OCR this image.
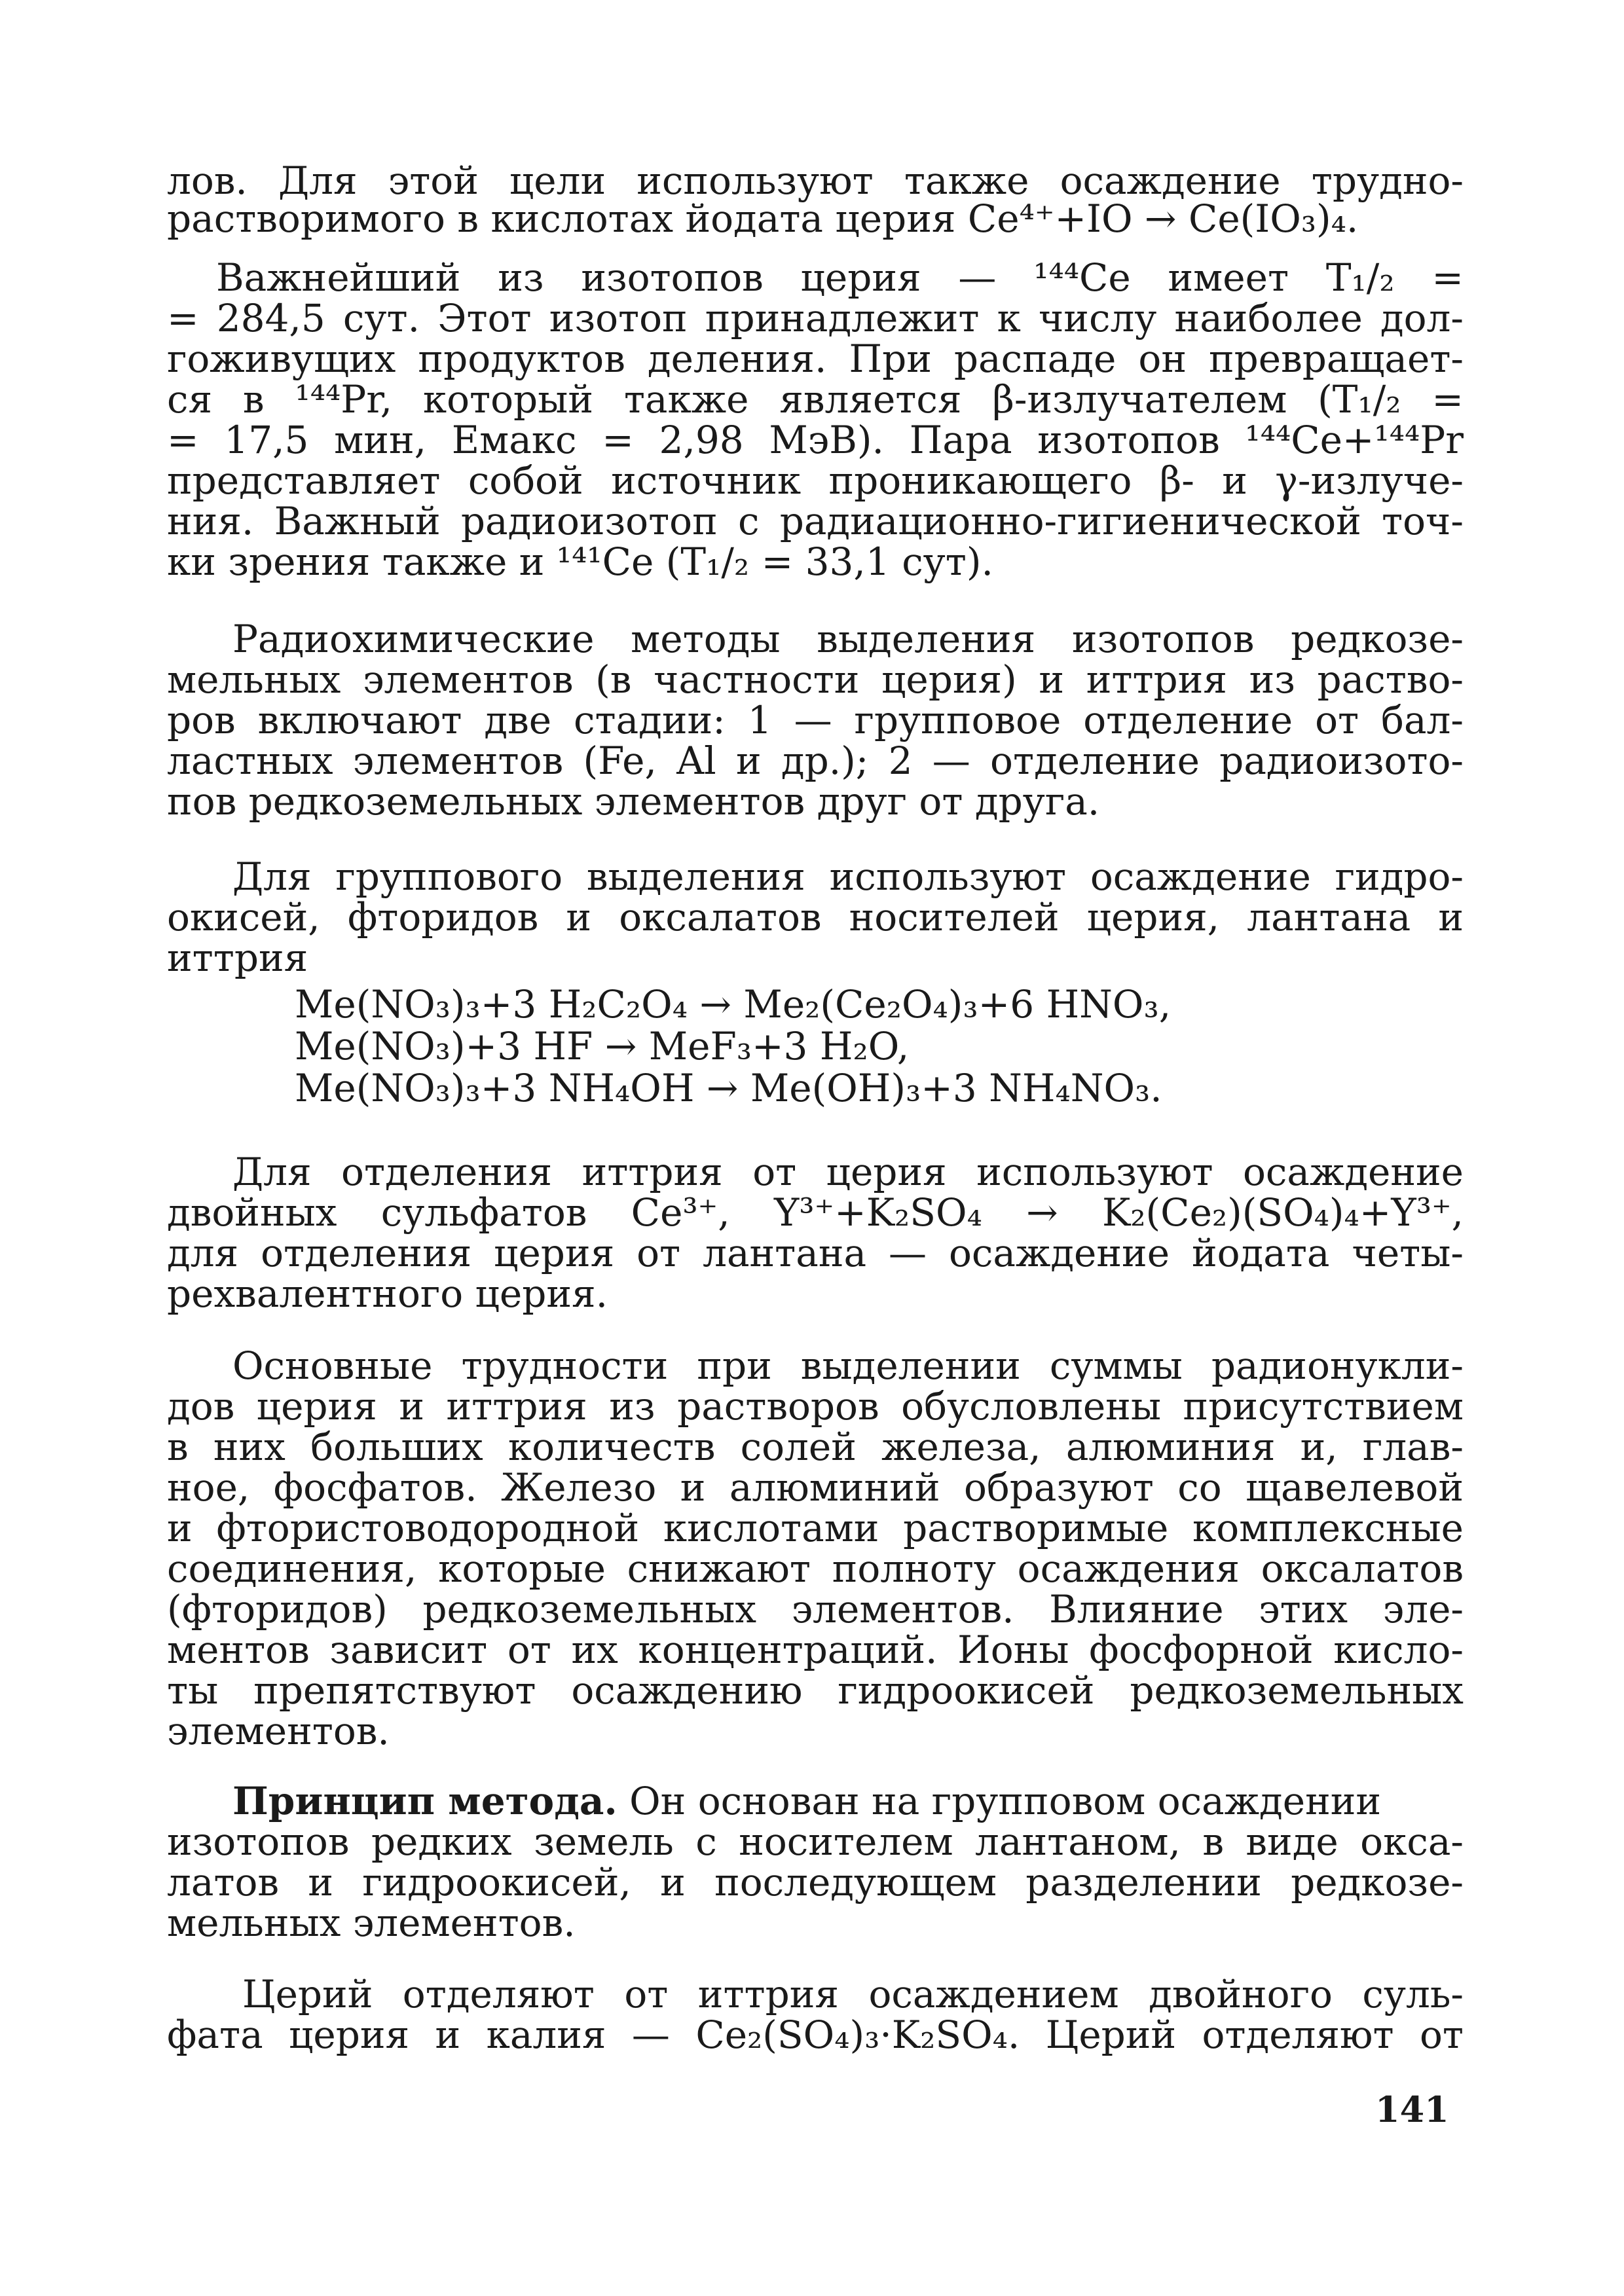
лов. Для этой цели используют также осаждение трудно-
растворимого в кислотах йодата церия Ce⁴⁺+IO → Ce(IO₃)₄.
Важнейший из изотопов церия — ¹⁴⁴Ce имеет T₁/₂ =
= 284,5 сут. Этот изотоп принадлежит к числу наиболее дол-
гоживущих продуктов деления. При распаде он превращает-
ся в ¹⁴⁴Pr, который также является β-излучателем (T₁/₂ =
= 17,5 мин, Eмакс = 2,98 МэВ). Пара изотопов ¹⁴⁴Ce+¹⁴⁴Pr
представляет собой источник проникающего β- и γ-излуче-
ния. Важный радиоизотоп с радиационно-гигиенической точ-
ки зрения также и ¹⁴¹Ce (T₁/₂ = 33,1 сут).
Радиохимические методы выделения изотопов редкозе-
мельных элементов (в частности церия) и иттрия из раство-
ров включают две стадии: 1 — групповое отделение от бал-
ластных элементов (Fe, Al и др.); 2 — отделение радиоизото-
пов редкоземельных элементов друг от друга.
Для группового выделения используют осаждение гидро-
окисей, фторидов и оксалатов носителей церия, лантана и
иттрия
Me(NO₃)₃+3 H₂C₂O₄ → Me₂(Ce₂O₄)₃+6 HNO₃,
Me(NO₃)+3 HF → MeF₃+3 H₂O,
Me(NO₃)₃+3 NH₄OH → Me(OH)₃+3 NH₄NO₃.
Для отделения иттрия от церия используют осаждение
двойных сульфатов Ce³⁺, Y³⁺+K₂SO₄ → K₂(Ce₂)(SO₄)₄+Y³⁺,
для отделения церия от лантана — осаждение йодата четы-
рехвалентного церия.
Основные трудности при выделении суммы радионукли-
дов церия и иттрия из растворов обусловлены присутствием
в них больших количеств солей железа, алюминия и, глав-
ное, фосфатов. Железо и алюминий образуют со щавелевой
и фтористоводородной кислотами растворимые комплексные
соединения, которые снижают полноту осаждения оксалатов
(фторидов) редкоземельных элементов. Влияние этих эле-
ментов зависит от их концентраций. Ионы фосфорной кисло-
ты препятствуют осаждению гидроокисей редкоземельных
элементов.
Принцип метода. Он основан на групповом осаждении
изотопов редких земель с носителем лантаном, в виде окса-
латов и гидроокисей, и последующем разделении редкозе-
мельных элементов.
Церий отделяют от иттрия осаждением двойного суль-
фата церия и калия — Ce₂(SO₄)₃·K₂SO₄. Церий отделяют от
141
